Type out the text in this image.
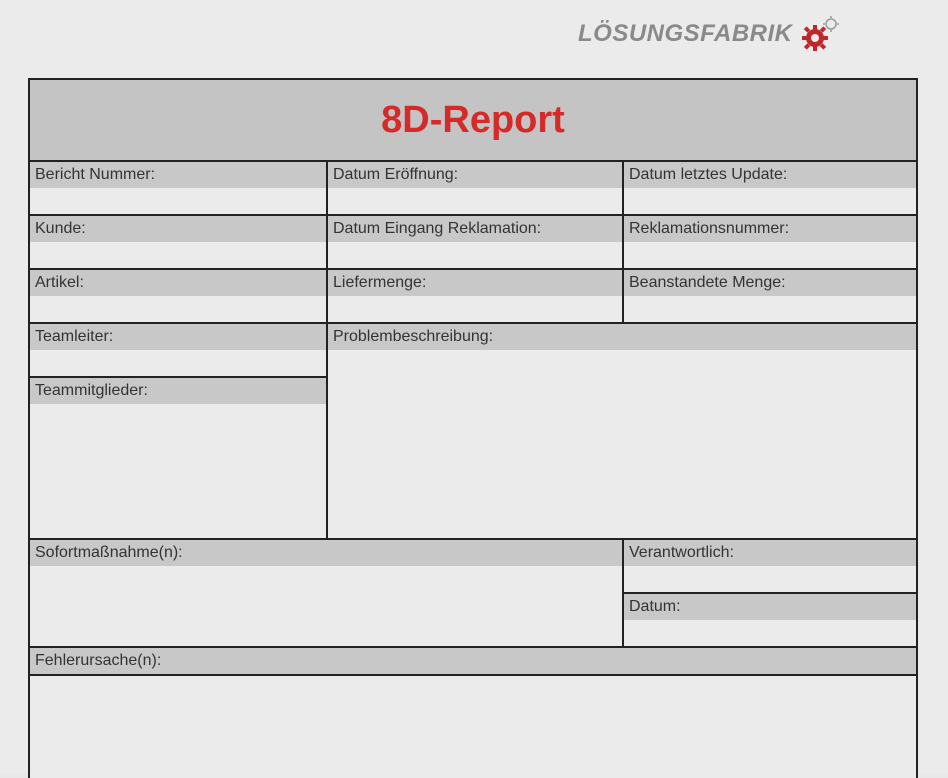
LÖSUNGSFABRIK
8D-Report
Bericht Nummer:	Datum Eröffnung:	Datum letztes Update:
Kunde:	Datum Eingang Reklamation:	Reklamationsnummer:
Artikel:	Liefermenge:	Beanstandete Menge:
Teamleiter:	Problembeschreibung:
Teammitglieder:
Sofortmaßnahme(n):	Verantwortlich:
Datum:
Fehlerursache(n):
